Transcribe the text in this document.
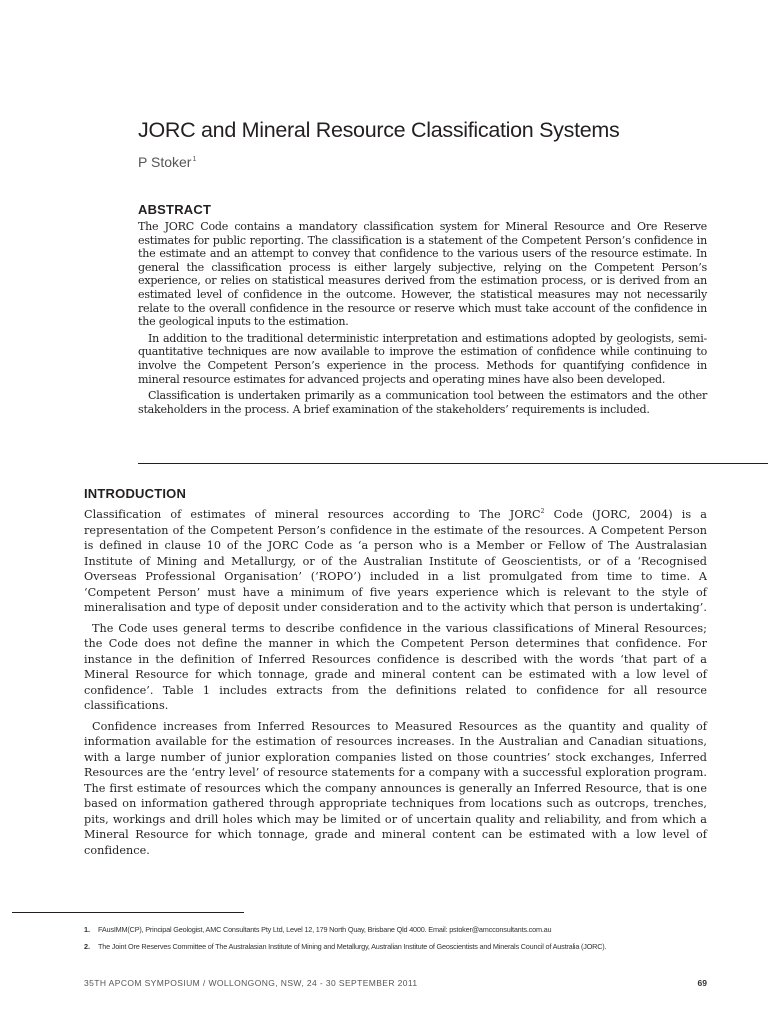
JORC and Mineral Resource Classification Systems
P Stoker$^1$
ABSTRACT

The JORC Code contains a mandatory classification system for Mineral Resource and Ore Reserve estimates for public reporting. The classification is a statement of the Competent Person’s confidence in the estimate and an attempt to convey that confidence to the various users of the resource estimate. In general the classification process is either largely subjective, relying on the Competent Person’s experience, or relies on statistical measures derived from the estimation process, or is derived from an estimated level of confidence in the outcome. However, the statistical measures may not necessarily relate to the overall confidence in the resource or reserve which must take account of the confidence in the geological inputs to the estimation.

In addition to the traditional deterministic interpretation and estimations adopted by geologists, semi-quantitative techniques are now available to improve the estimation of confidence while continuing to involve the Competent Person’s experience in the process. Methods for quantifying confidence in mineral resource estimates for advanced projects and operating mines have also been developed.

Classification is undertaken primarily as a communication tool between the estimators and the other stakeholders in the process. A brief examination of the stakeholders’ requirements is included.

INTRODUCTION

Classification of estimates of mineral resources according to The JORC$^2$ Code (JORC, 2004) is a representation of the Competent Person’s confidence in the estimate of the resources. A Competent Person is defined in clause 10 of the JORC Code as ‘a person who is a Member or Fellow of The Australasian Institute of Mining and Metallurgy, or of the Australian Institute of Geoscientists, or of a ‘Recognised Overseas Professional Organisation’ (‘ROPO’) included in a list promulgated from time to time. A ‘Competent Person’ must have a minimum of five years experience which is relevant to the style of mineralisation and type of deposit under consideration and to the activity which that person is undertaking’.

The Code uses general terms to describe confidence in the various classifications of Mineral Resources; the Code does not define the manner in which the Competent Person determines that confidence. For instance in the definition of Inferred Resources confidence is described with the words ‘that part of a Mineral Resource for which tonnage, grade and mineral content can be estimated with a low level of confidence’. Table 1 includes extracts from the definitions related to confidence for all resource classifications.

Confidence increases from Inferred Resources to Measured Resources as the quantity and quality of information available for the estimation of resources increases. In the Australian and Canadian situations, with a large number of junior exploration companies listed on those countries’ stock exchanges, Inferred Resources are the ‘entry level’ of resource statements for a company with a successful exploration program. The first estimate of resources which the company announces is generally an Inferred Resource, that is one based on information gathered through appropriate techniques from locations such as outcrops, trenches, pits, workings and drill holes which may be limited or of uncertain quality and reliability, and from which a Mineral Resource for which tonnage, grade and mineral content can be estimated with a low level of confidence.

1.	FAusIMM(CP), Principal Geologist, AMC Consultants Pty Ltd, Level 12, 179 North Quay, Brisbane Qld 4000. Email: pstoker@amcconsultants.com.au
2.	The Joint Ore Reserves Committee of The Australasian Institute of Mining and Metallurgy, Australian Institute of Geoscientists and Minerals Council of Australia (JORC).
35TH APCOM SYMPOSIUM / WOLLONGONG, NSW, 24 - 30 SEPTEMBER 2011	69
